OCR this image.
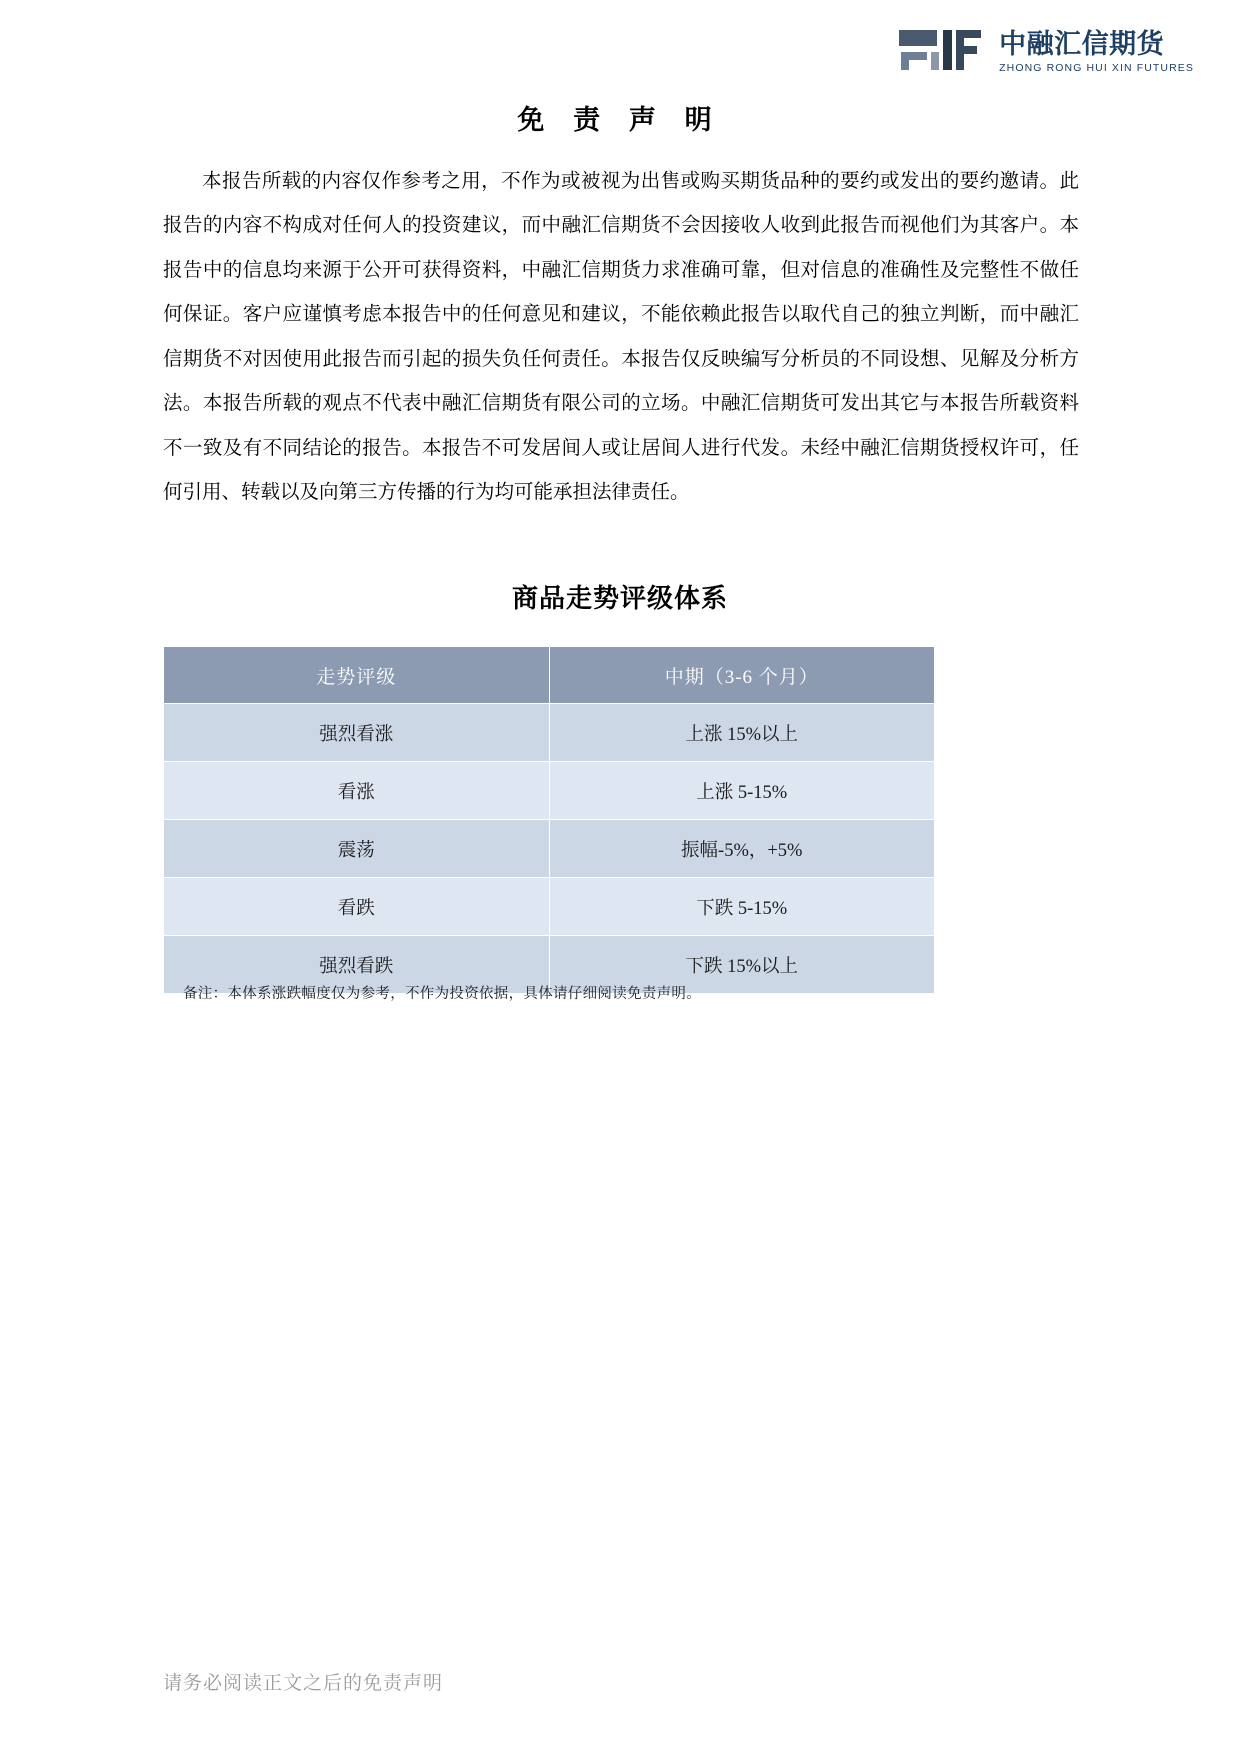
中融汇信期货
ZHONG RONG HUI XIN FUTURES
免 责 声 明
本报告所载的内容仅作参考之用，不作为或被视为出售或购买期货品种的要约或发出的要约邀请。此报告的内容不构成对任何人的投资建议，而中融汇信期货不会因接收人收到此报告而视他们为其客户。本报告中的信息均来源于公开可获得资料，中融汇信期货力求准确可靠，但对信息的准确性及完整性不做任何保证。客户应谨慎考虑本报告中的任何意见和建议，不能依赖此报告以取代自己的独立判断，而中融汇信期货不对因使用此报告而引起的损失负任何责任。本报告仅反映编写分析员的不同设想、见解及分析方法。本报告所载的观点不代表中融汇信期货有限公司的立场。中融汇信期货可发出其它与本报告所载资料不一致及有不同结论的报告。本报告不可发居间人或让居间人进行代发。未经中融汇信期货授权许可，任何引用、转载以及向第三方传播的行为均可能承担法律责任。
商品走势评级体系
走势评级	中期（3-6 个月）
强烈看涨	上涨 15%以上
看涨	上涨 5-15%
震荡	振幅-5%，+5%
看跌	下跌 5-15%
强烈看跌	下跌 15%以上
备注：本体系涨跌幅度仅为参考，不作为投资依据，具体请仔细阅读免责声明。
请务必阅读正文之后的免责声明
